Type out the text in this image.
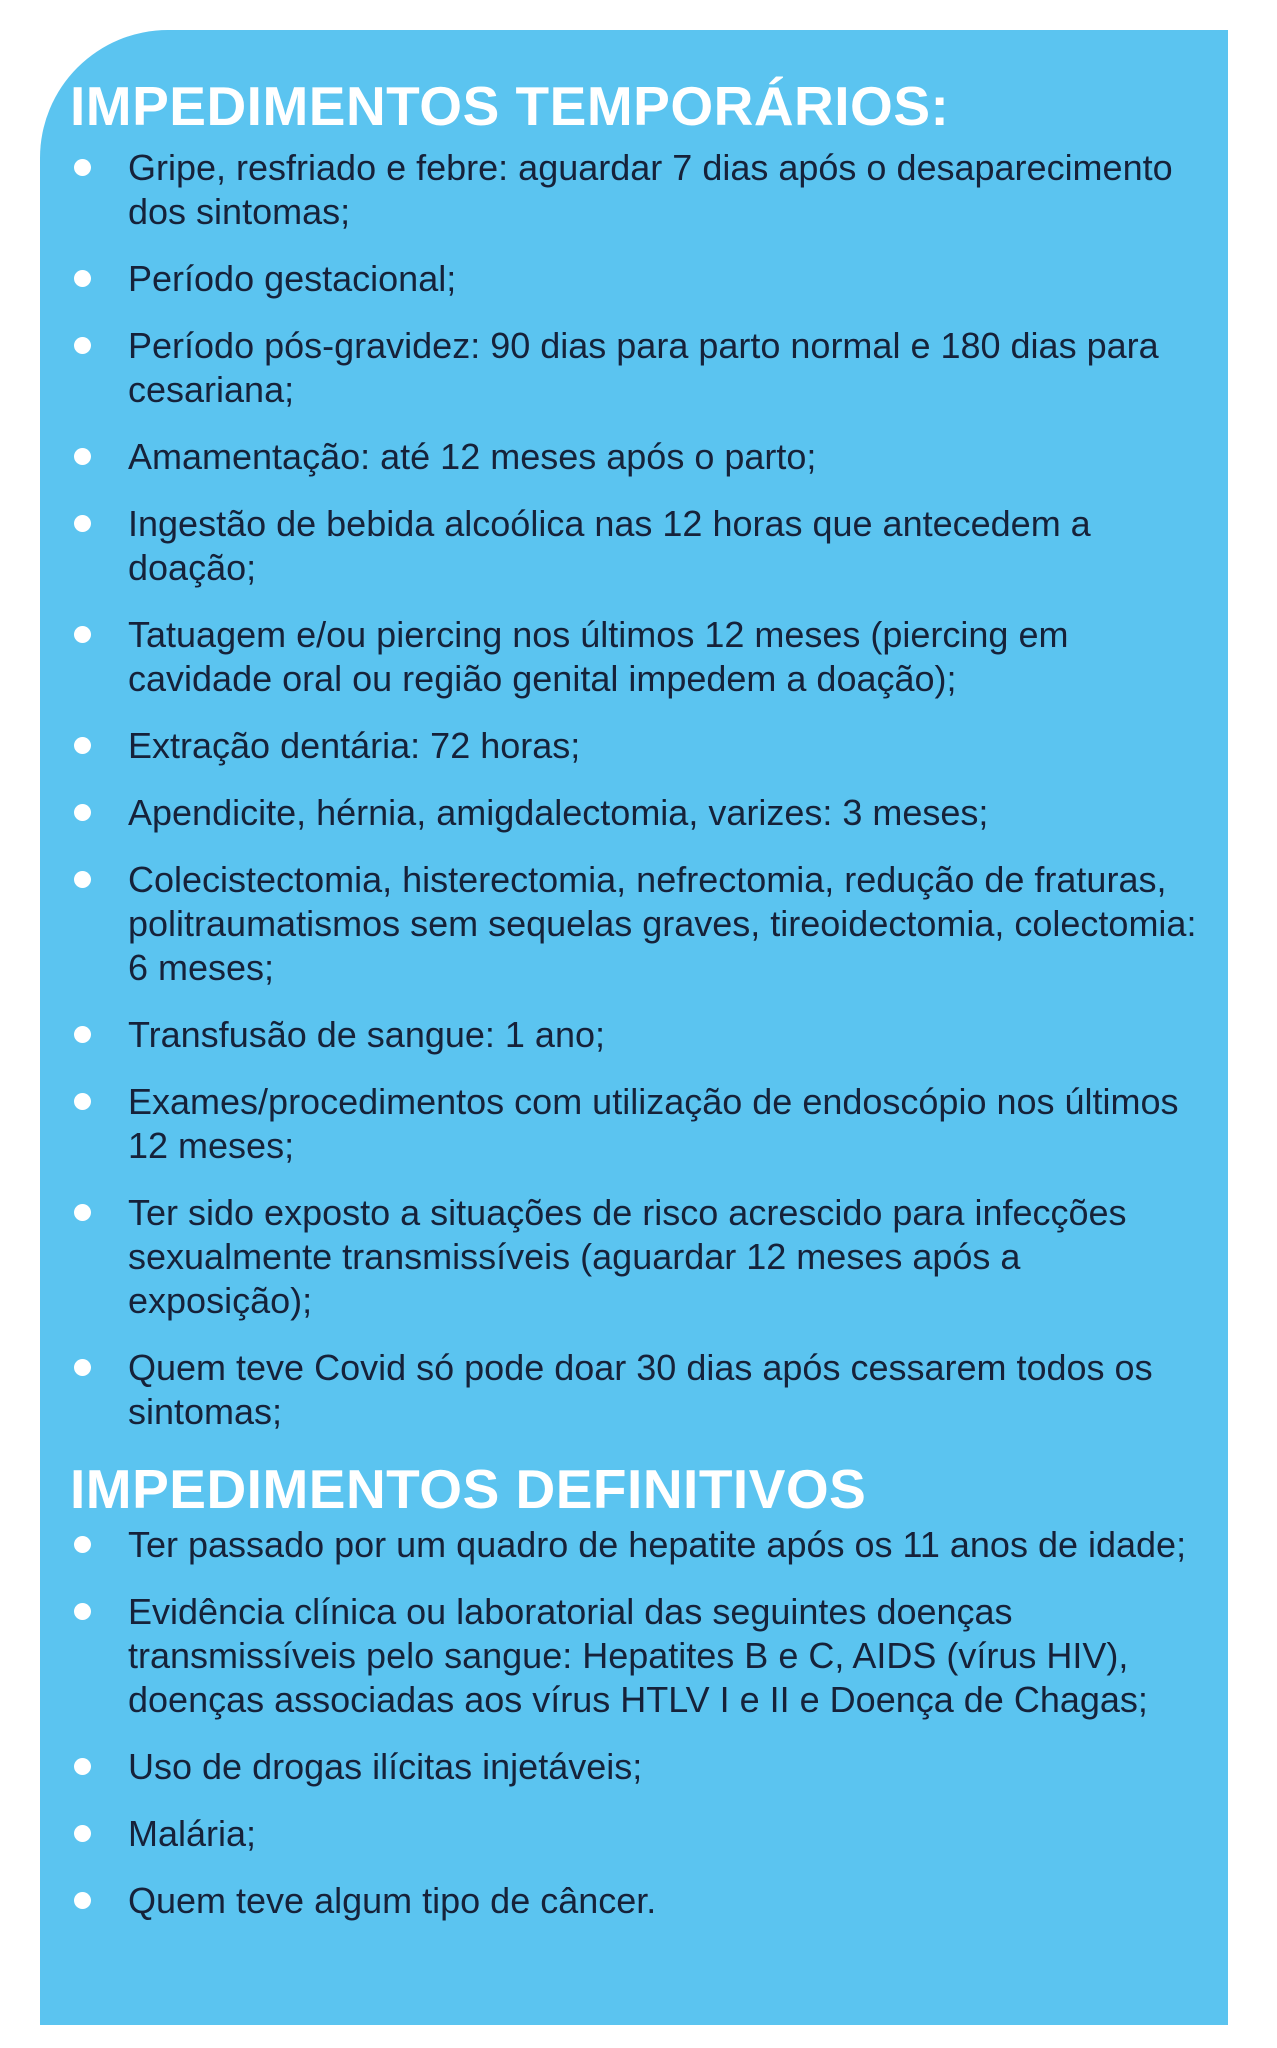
IMPEDIMENTOS TEMPORÁRIOS:
Gripe, resfriado e febre: aguardar 7 dias após o desaparecimento dos sintomas;
Período gestacional;
Período pós-gravidez: 90 dias para parto normal e 180 dias para cesariana;
Amamentação: até 12 meses após o parto;
Ingestão de bebida alcoólica nas 12 horas que antecedem a doação;
Tatuagem e/ou piercing nos últimos 12 meses (piercing em cavidade oral ou região genital impedem a doação);
Extração dentária: 72 horas;
Apendicite, hérnia, amigdalectomia, varizes: 3 meses;
Colecistectomia, histerectomia, nefrectomia, redução de fraturas, politraumatismos sem sequelas graves, tireoidectomia, colectomia: 6 meses;
Transfusão de sangue: 1 ano;
Exames/procedimentos com utilização de endoscópio nos últimos 12 meses;
Ter sido exposto a situações de risco acrescido para infecções sexualmente transmissíveis (aguardar 12 meses após a exposição);
Quem teve Covid só pode doar 30 dias após cessarem todos os sintomas;
IMPEDIMENTOS DEFINITIVOS
Ter passado por um quadro de hepatite após os 11 anos de idade;
Evidência clínica ou laboratorial das seguintes doenças transmissíveis pelo sangue: Hepatites B e C, AIDS (vírus HIV), doenças associadas aos vírus HTLV I e II e Doença de Chagas;
Uso de drogas ilícitas injetáveis;
Malária;
Quem teve algum tipo de câncer.
